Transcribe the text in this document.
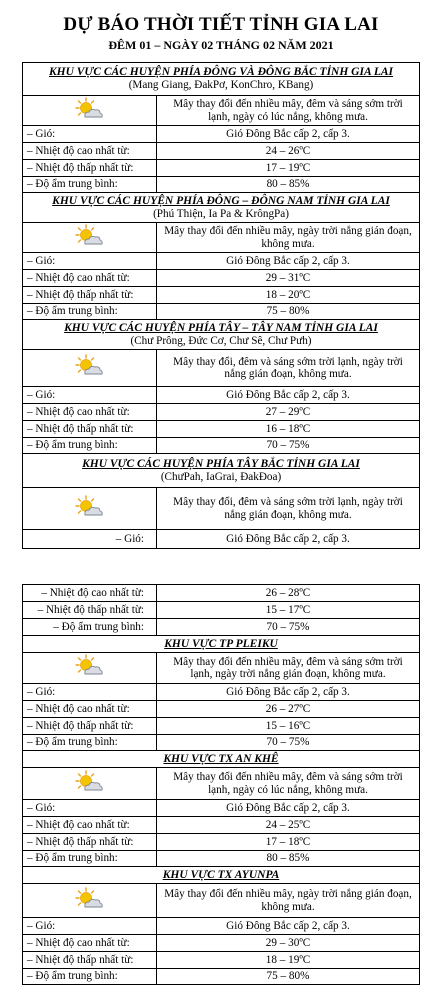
DỰ BÁO THỜI TIẾT TỈNH GIA LAI
ĐÊM 01 – NGÀY 02 THÁNG 02 NĂM 2021
KHU VỰC CÁC HUYỆN PHÍA ĐÔNG VÀ ĐÔNG BẮC TỈNH GIA LAI
(Mang Giang, ĐakPơ, KonChro, KBang)	

	Mây thay đổi đến nhiều mây, đêm và sáng sớm trời lạnh, ngày có lúc nắng, không mưa.
– Gió:	Gió Đông Bắc cấp 2, cấp 3.
– Nhiệt độ cao nhất từ:	24 – 26ºC
– Nhiệt độ thấp nhất từ:	17 – 19ºC
– Độ ẩm trung bình:	80 – 85%

KHU VỰC CÁC HUYỆN PHÍA ĐÔNG – ĐÔNG NAM TỈNH GIA LAI
(Phú Thiện, Ia Pa & KrôngPa)	

	Mây thay đổi đến nhiều mây, ngày trời nắng gián đoạn, không mưa.
– Gió:	Gió Đông Bắc cấp 2, cấp 3.
– Nhiệt độ cao nhất từ:	29 – 31ºC
– Nhiệt độ thấp nhất từ:	18 – 20ºC
– Độ ẩm trung bình:	75 – 80%

KHU VỰC CÁC HUYỆN PHÍA TÂY – TÂY NAM TỈNH GIA LAI
(Chư Prông, Đức Cơ, Chư Sê, Chư Pưh)	

	Mây thay đổi, đêm và sáng sớm trời lạnh, ngày trời nắng gián đoạn, không mưa.
– Gió:	Gió Đông Bắc cấp 2, cấp 3.
– Nhiệt độ cao nhất từ:	27 – 29ºC
– Nhiệt độ thấp nhất từ:	16 – 18ºC
– Độ ẩm trung bình:	70 – 75%

KHU VỰC CÁC HUYỆN PHÍA TÂY BẮC TỈNH GIA LAI
(ChưPah, IaGrai, ĐakĐoa)	

	Mây thay đổi, đêm và sáng sớm trời lạnh, ngày trời nắng gián đoạn, không mưa.
– Gió:	Gió Đông Bắc cấp 2, cấp 3.
– Nhiệt độ cao nhất từ:	26 – 28ºC
– Nhiệt độ thấp nhất từ:	15 – 17ºC
– Độ ẩm trung bình:	70 – 75%

KHU VỰC TP PLEIKU	

	Mây thay đổi đến nhiều mây, đêm và sáng sớm trời lạnh, ngày trời nắng gián đoạn, không mưa.
– Gió:	Gió Đông Bắc cấp 2, cấp 3.
– Nhiệt độ cao nhất từ:	26 – 27ºC
– Nhiệt độ thấp nhất từ:	15 – 16ºC
– Độ ẩm trung bình:	70 – 75%

KHU VỰC TX AN KHÊ	

	Mây thay đổi đến nhiều mây, đêm và sáng sớm trời lạnh, ngày có lúc nắng, không mưa.
– Gió:	Gió Đông Bắc cấp 2, cấp 3.
– Nhiệt độ cao nhất từ:	24 – 25ºC
– Nhiệt độ thấp nhất từ:	17 – 18ºC
– Độ ẩm trung bình:	80 – 85%

KHU VỰC TX AYUNPA	

	Mây thay đổi đến nhiều mây, ngày trời nắng gián đoạn, không mưa.
– Gió:	Gió Đông Bắc cấp 2, cấp 3.
– Nhiệt độ cao nhất từ:	29 – 30ºC
– Nhiệt độ thấp nhất từ:	18 – 19ºC
– Độ ẩm trung bình:	75 – 80%
